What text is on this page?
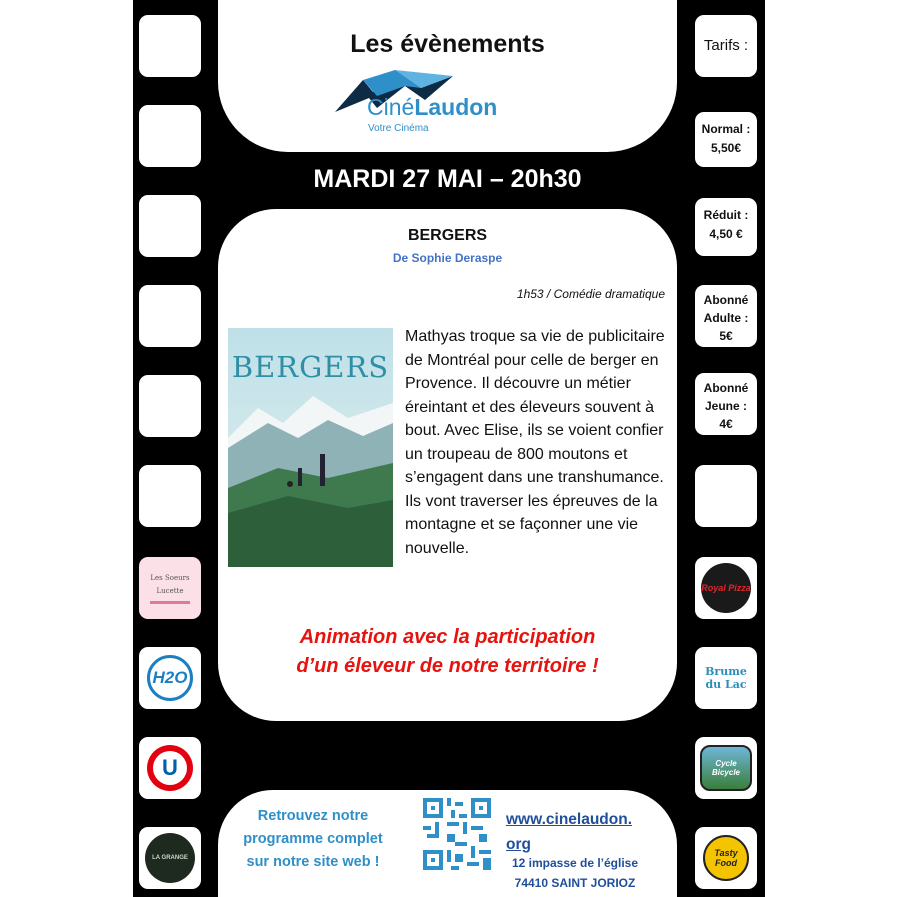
Les Soeurs Lucette
H2O
U
LA GRANGE
Tarifs :
Normal :
5,50€
Réduit :
4,50 €
Abonné Adulte :
5€
Abonné Jeune :
4€
Royal Pizza
Brume du Lac
Cycle Bicycle
Tasty Food
Les évènements
CinéLaudon
Votre Cinéma
MARDI 27 MAI – 20h30
BERGERS
De Sophie Deraspe
1h53 / Comédie dramatique
BERGERS
Mathyas troque sa vie de publicitaire de Montréal pour celle de berger en Provence. Il découvre un métier éreintant et des éleveurs souvent à bout. Avec Elise, ils se voient confier un troupeau de 800 moutons et s’engagent dans une transhumance. Ils vont traverser les épreuves de la montagne et se façonner une vie nouvelle.
Animation avec la participation
d’un éleveur de notre territoire !
Retrouvez notre programme complet sur notre site web !
www.cinelaudon.
org
12 impasse de l’église
74410 SAINT JORIOZ
